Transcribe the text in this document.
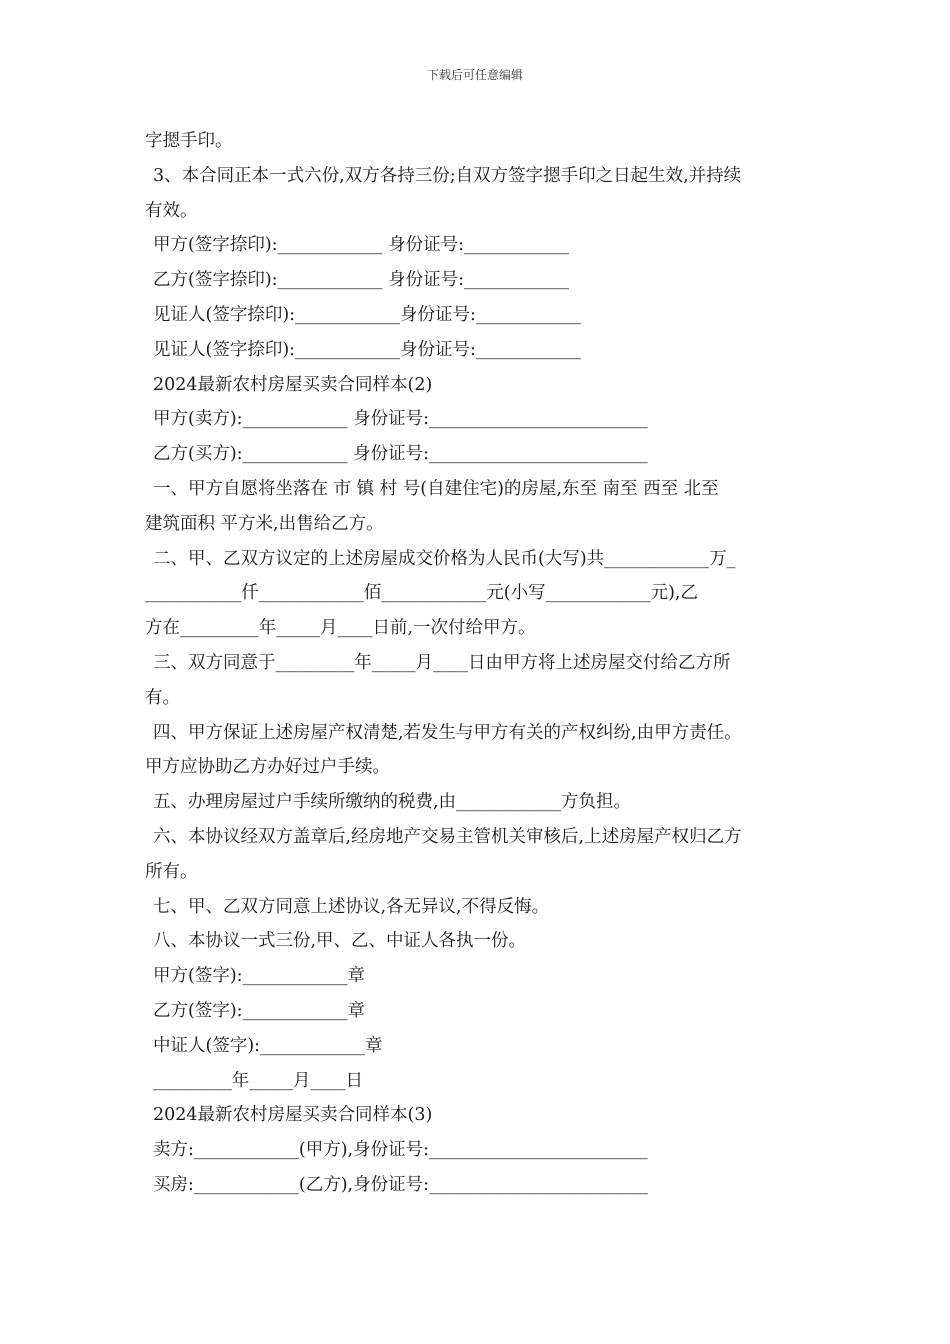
下载后可任意编辑
字摁手印。
3、本合同正本一式六份,双方各持三份;自双方签字摁手印之日起生效,并持续
有效。
甲方(签字捺印):____________ 身份证号:____________
乙方(签字捺印):____________ 身份证号:____________
见证人(签字捺印):____________身份证号:____________
见证人(签字捺印):____________身份证号:____________
2024最新农村房屋买卖合同样本(2)
甲方(卖方):____________ 身份证号:_________________________
乙方(买方):____________ 身份证号:_________________________
一、甲方自愿将坐落在 市 镇 村 号(自建住宅)的房屋,东至 南至 西至 北至
建筑面积 平方米,出售给乙方。
二、甲、乙双方议定的上述房屋成交价格为人民币(大写)共____________万_
___________仟____________佰____________元(小写____________元),乙
方在_________年_____月____日前,一次付给甲方。
三、双方同意于_________年_____月____日由甲方将上述房屋交付给乙方所
有。
四、甲方保证上述房屋产权清楚,若发生与甲方有关的产权纠纷,由甲方责任。
甲方应协助乙方办好过户手续。
五、办理房屋过户手续所缴纳的税费,由____________方负担。
六、本协议经双方盖章后,经房地产交易主管机关审核后,上述房屋产权归乙方
所有。
七、甲、乙双方同意上述协议,各无异议,不得反悔。
八、本协议一式三份,甲、乙、中证人各执一份。
甲方(签字):____________章
乙方(签字):____________章
中证人(签字):____________章
_________年_____月____日
2024最新农村房屋买卖合同样本(3)
卖方:____________(甲方),身份证号:_________________________
买房:____________(乙方),身份证号:_________________________
